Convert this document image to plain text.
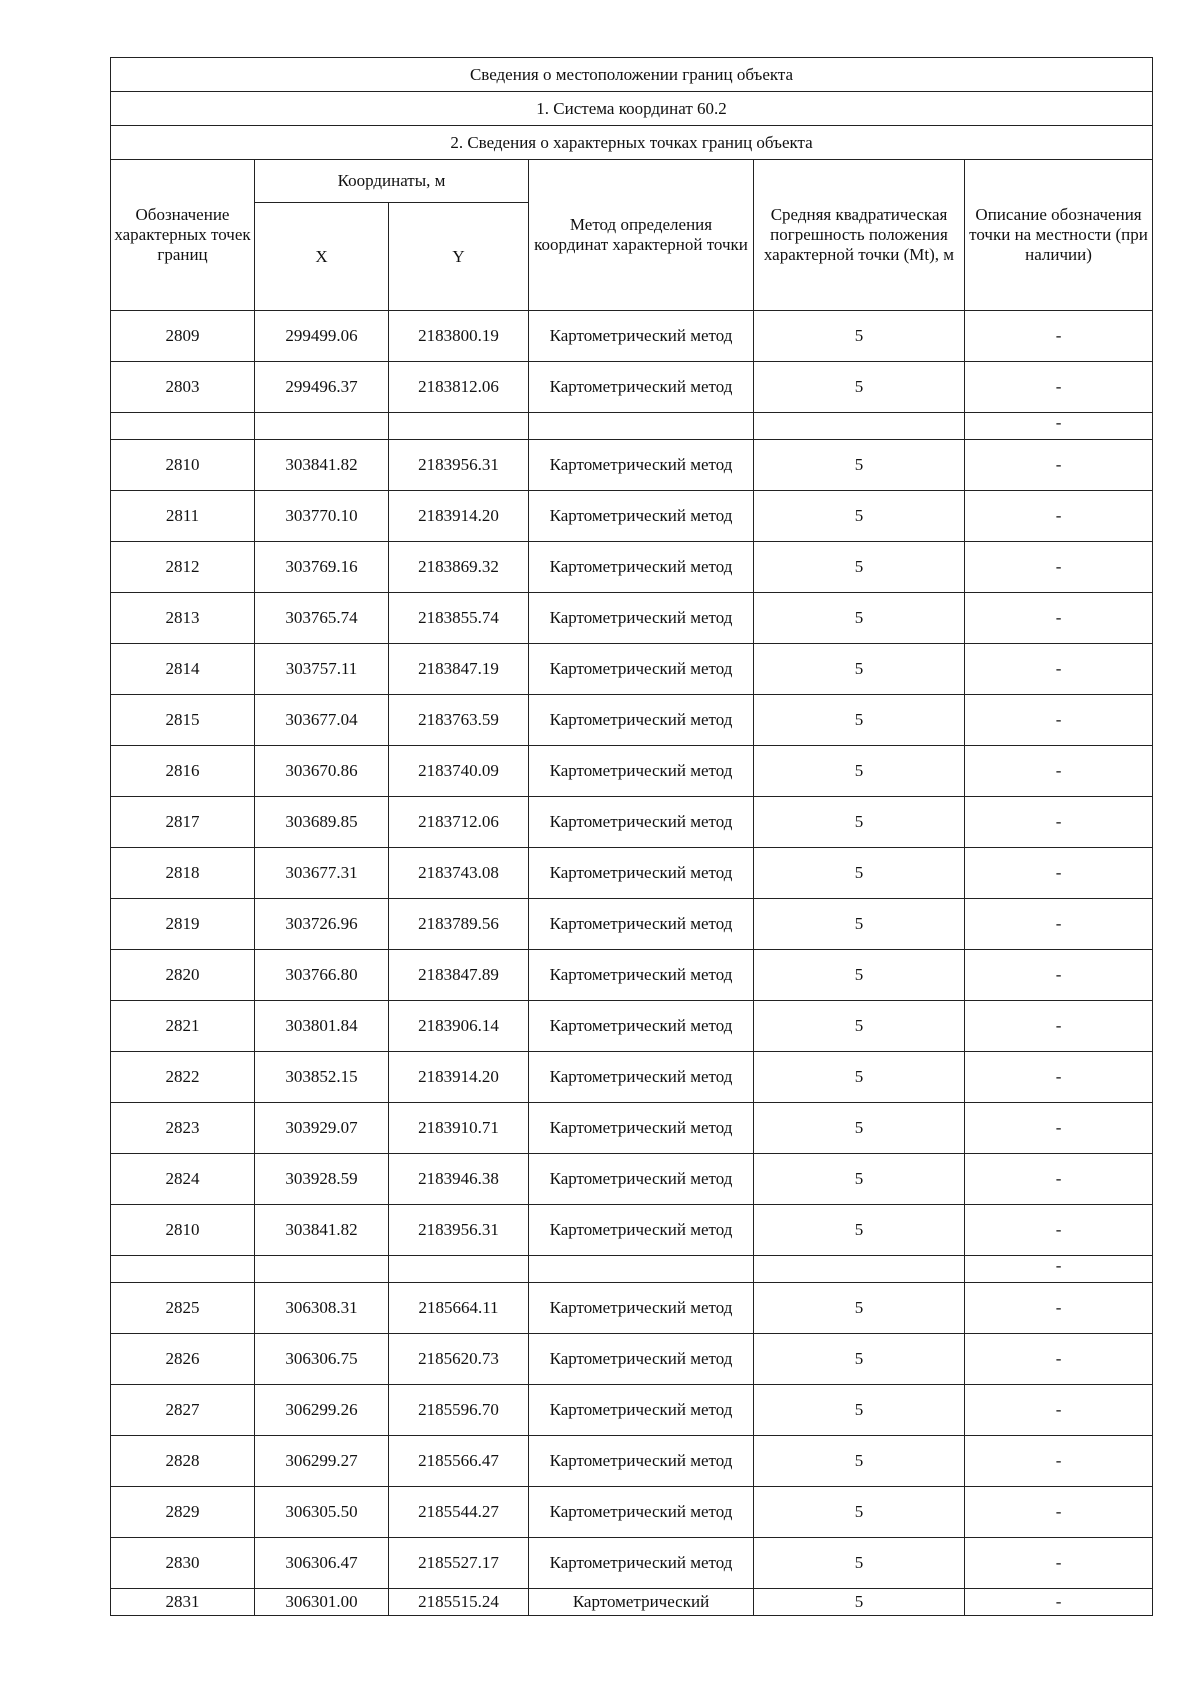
Сведения о местоположении границ объекта					
1. Система координат 60.2					
2. Сведения о характерных точках границ объекта					
Обозначение характерных точек границ	Координаты, м		Метод определения координат характерной точки	Средняя квадратическая погрешность положения характерной точки (Mt), м	Описание обозначения точки на местности (при наличии)
	X	Y			
2809	299499.06	2183800.19	Картометрический метод	5	-
2803	299496.37	2183812.06	Картометрический метод	5	-
					-
2810	303841.82	2183956.31	Картометрический метод	5	-
2811	303770.10	2183914.20	Картометрический метод	5	-
2812	303769.16	2183869.32	Картометрический метод	5	-
2813	303765.74	2183855.74	Картометрический метод	5	-
2814	303757.11	2183847.19	Картометрический метод	5	-
2815	303677.04	2183763.59	Картометрический метод	5	-
2816	303670.86	2183740.09	Картометрический метод	5	-
2817	303689.85	2183712.06	Картометрический метод	5	-
2818	303677.31	2183743.08	Картометрический метод	5	-
2819	303726.96	2183789.56	Картометрический метод	5	-
2820	303766.80	2183847.89	Картометрический метод	5	-
2821	303801.84	2183906.14	Картометрический метод	5	-
2822	303852.15	2183914.20	Картометрический метод	5	-
2823	303929.07	2183910.71	Картометрический метод	5	-
2824	303928.59	2183946.38	Картометрический метод	5	-
2810	303841.82	2183956.31	Картометрический метод	5	-
					-
2825	306308.31	2185664.11	Картометрический метод	5	-
2826	306306.75	2185620.73	Картометрический метод	5	-
2827	306299.26	2185596.70	Картометрический метод	5	-
2828	306299.27	2185566.47	Картометрический метод	5	-
2829	306305.50	2185544.27	Картометрический метод	5	-
2830	306306.47	2185527.17	Картометрический метод	5	-
2831	306301.00	2185515.24	Картометрический	5	-
